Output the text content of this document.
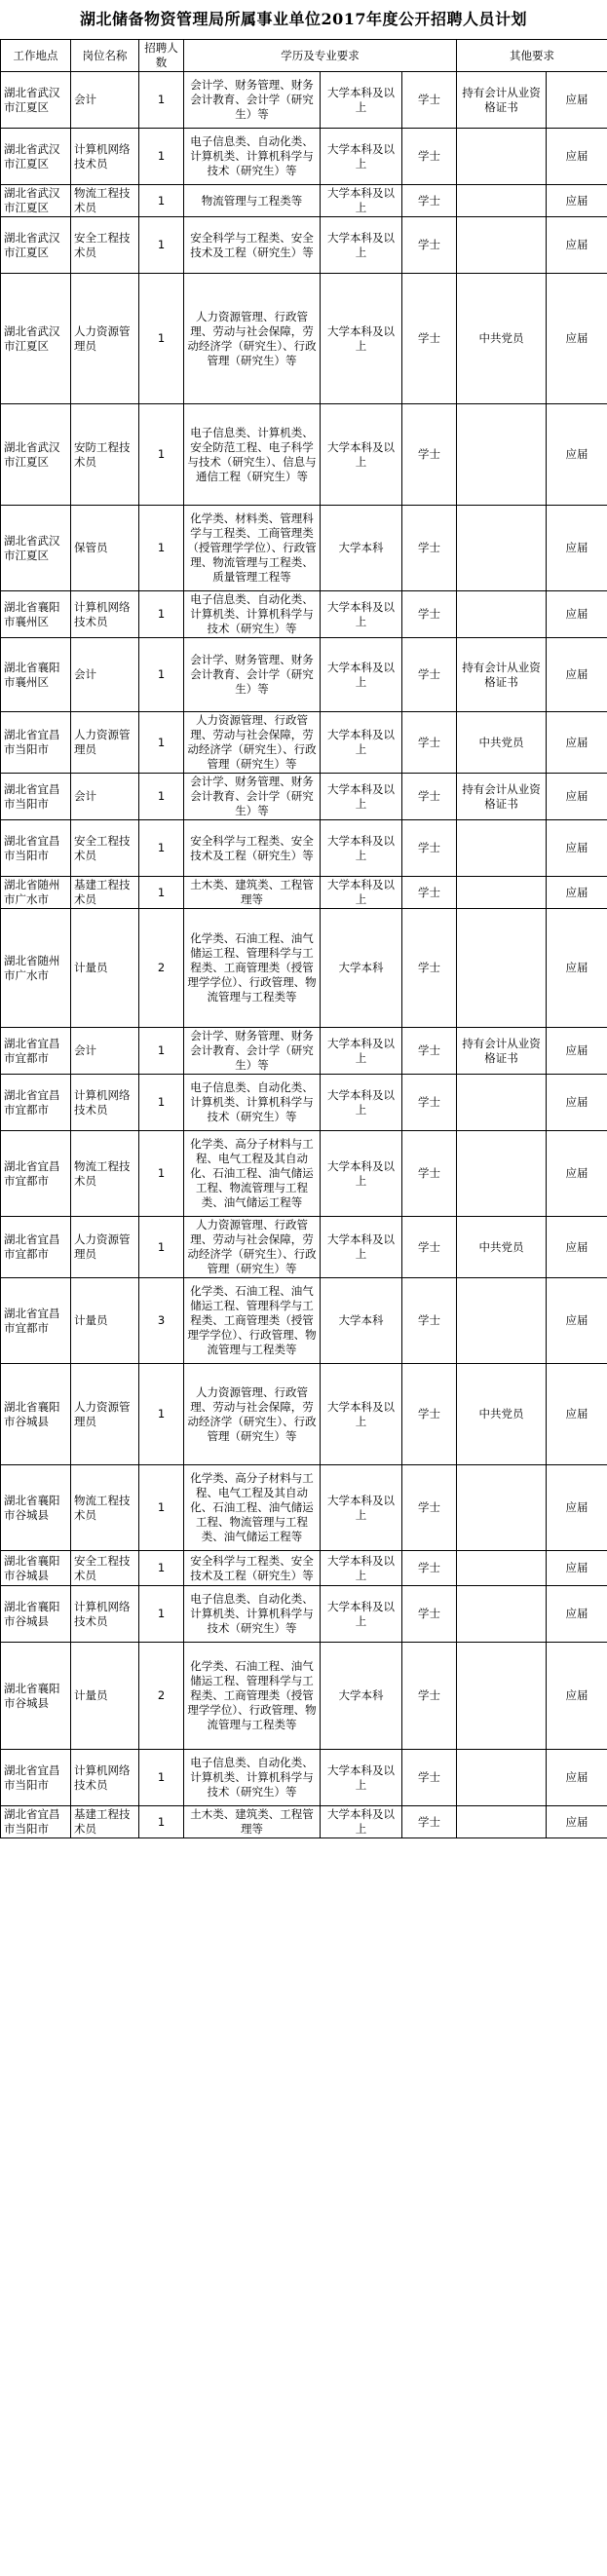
湖北储备物资管理局所属事业单位2017年度公开招聘人员计划
工作地点	岗位名称	招聘人数	学历及专业要求			其他要求	
湖北省武汉市江夏区	会计	1	会计学、财务管理、财务会计教育、会计学（研究生）等	大学本科及以上	学士	持有会计从业资格证书	应届
湖北省武汉市江夏区	计算机网络技术员	1	电子信息类、自动化类、计算机类、计算机科学与技术（研究生）等	大学本科及以上	学士		应届
湖北省武汉市江夏区	物流工程技术员	1	物流管理与工程类等	大学本科及以上	学士		应届
湖北省武汉市江夏区	安全工程技术员	1	安全科学与工程类、安全技术及工程（研究生）等	大学本科及以上	学士		应届
湖北省武汉市江夏区	人力资源管理员	1	人力资源管理、行政管理、劳动与社会保障，劳动经济学（研究生）、行政管理（研究生）等	大学本科及以上	学士	中共党员	应届
湖北省武汉市江夏区	安防工程技术员	1	电子信息类、计算机类、安全防范工程、电子科学与技术（研究生）、信息与通信工程（研究生）等	大学本科及以上	学士		应届
湖北省武汉市江夏区	保管员	1	化学类、材料类、管理科学与工程类、工商管理类（授管理学学位）、行政管理、物流管理与工程类、质量管理工程等	大学本科	学士		应届
湖北省襄阳市襄州区	计算机网络技术员	1	电子信息类、自动化类、计算机类、计算机科学与技术（研究生）等	大学本科及以上	学士		应届
湖北省襄阳市襄州区	会计	1	会计学、财务管理、财务会计教育、会计学（研究生）等	大学本科及以上	学士	持有会计从业资格证书	应届
湖北省宜昌市当阳市	人力资源管理员	1	人力资源管理、行政管理、劳动与社会保障，劳动经济学（研究生）、行政管理（研究生）等	大学本科及以上	学士	中共党员	应届
湖北省宜昌市当阳市	会计	1	会计学、财务管理、财务会计教育、会计学（研究生）等	大学本科及以上	学士	持有会计从业资格证书	应届
湖北省宜昌市当阳市	安全工程技术员	1	安全科学与工程类、安全技术及工程（研究生）等	大学本科及以上	学士		应届
湖北省随州市广水市	基建工程技术员	1	土木类、建筑类、工程管理等	大学本科及以上	学士		应届
湖北省随州市广水市	计量员	2	化学类、石油工程、油气储运工程、管理科学与工程类、工商管理类（授管理学学位）、行政管理、物流管理与工程类等	大学本科	学士		应届
湖北省宜昌市宜都市	会计	1	会计学、财务管理、财务会计教育、会计学（研究生）等	大学本科及以上	学士	持有会计从业资格证书	应届
湖北省宜昌市宜都市	计算机网络技术员	1	电子信息类、自动化类、计算机类、计算机科学与技术（研究生）等	大学本科及以上	学士		应届
湖北省宜昌市宜都市	物流工程技术员	1	化学类、高分子材料与工程、电气工程及其自动化、石油工程、油气储运工程、物流管理与工程类、油气储运工程等	大学本科及以上	学士		应届
湖北省宜昌市宜都市	人力资源管理员	1	人力资源管理、行政管理、劳动与社会保障，劳动经济学（研究生）、行政管理（研究生）等	大学本科及以上	学士	中共党员	应届
湖北省宜昌市宜都市	计量员	3	化学类、石油工程、油气储运工程、管理科学与工程类、工商管理类（授管理学学位）、行政管理、物流管理与工程类等	大学本科	学士		应届
湖北省襄阳市谷城县	人力资源管理员	1	人力资源管理、行政管理、劳动与社会保障，劳动经济学（研究生）、行政管理（研究生）等	大学本科及以上	学士	中共党员	应届
湖北省襄阳市谷城县	物流工程技术员	1	化学类、高分子材料与工程、电气工程及其自动化、石油工程、油气储运工程、物流管理与工程类、油气储运工程等	大学本科及以上	学士		应届
湖北省襄阳市谷城县	安全工程技术员	1	安全科学与工程类、安全技术及工程（研究生）等	大学本科及以上	学士		应届
湖北省襄阳市谷城县	计算机网络技术员	1	电子信息类、自动化类、计算机类、计算机科学与技术（研究生）等	大学本科及以上	学士		应届
湖北省襄阳市谷城县	计量员	2	化学类、石油工程、油气储运工程、管理科学与工程类、工商管理类（授管理学学位）、行政管理、物流管理与工程类等	大学本科	学士		应届
湖北省宜昌市当阳市	计算机网络技术员	1	电子信息类、自动化类、计算机类、计算机科学与技术（研究生）等	大学本科及以上	学士		应届
湖北省宜昌市当阳市	基建工程技术员	1	土木类、建筑类、工程管理等	大学本科及以上	学士		应届
